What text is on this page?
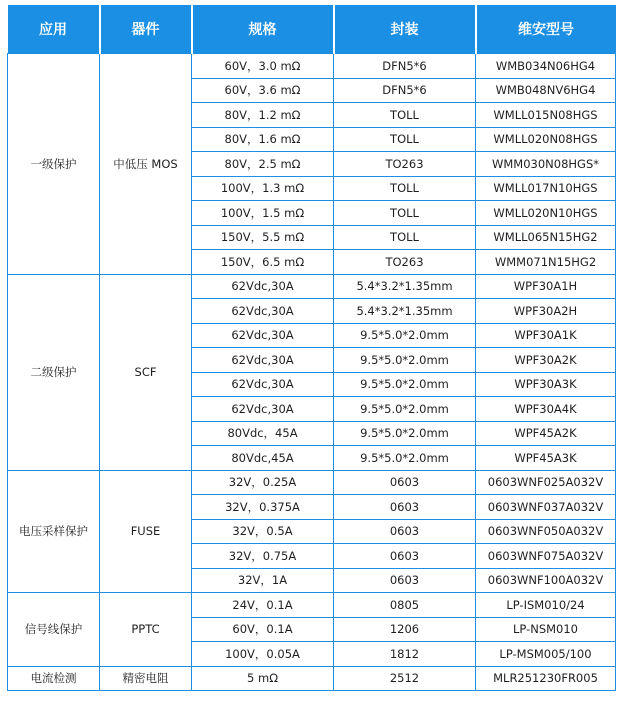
应用	器件	规格	封装	维安型号
一级保护	中低压 MOS	60V，3.0 mΩ	DFN5*6	WMB034N06HG4
		60V，3.6 mΩ	DFN5*6	WMB048NV6HG4
		80V，1.2 mΩ	TOLL	WMLL015N08HGS
		80V，1.6 mΩ	TOLL	WMLL020N08HGS
		80V，2.5 mΩ	TO263	WMM030N08HGS*
		100V，1.3 mΩ	TOLL	WMLL017N10HGS
		100V，1.5 mΩ	TOLL	WMLL020N10HGS
		150V，5.5 mΩ	TOLL	WMLL065N15HG2
		150V，6.5 mΩ	TO263	WMM071N15HG2
二级保护	SCF	62Vdc,30A	5.4*3.2*1.35mm	WPF30A1H
		62Vdc,30A	5.4*3.2*1.35mm	WPF30A2H
		62Vdc,30A	9.5*5.0*2.0mm	WPF30A1K
		62Vdc,30A	9.5*5.0*2.0mm	WPF30A2K
		62Vdc,30A	9.5*5.0*2.0mm	WPF30A3K
		62Vdc,30A	9.5*5.0*2.0mm	WPF30A4K
		80Vdc，45A	9.5*5.0*2.0mm	WPF45A2K
		80Vdc,45A	9.5*5.0*2.0mm	WPF45A3K
电压采样保护	FUSE	32V，0.25A	0603	0603WNF025A032V
		32V，0.375A	0603	0603WNF037A032V
		32V，0.5A	0603	0603WNF050A032V
		32V，0.75A	0603	0603WNF075A032V
		32V，1A	0603	0603WNF100A032V
信号线保护	PPTC	24V，0.1A	0805	LP-ISM010/24
		60V，0.1A	1206	LP-NSM010
		100V，0.05A	1812	LP-MSM005/100
电流检测	精密电阻	5 mΩ	2512	MLR251230FR005
